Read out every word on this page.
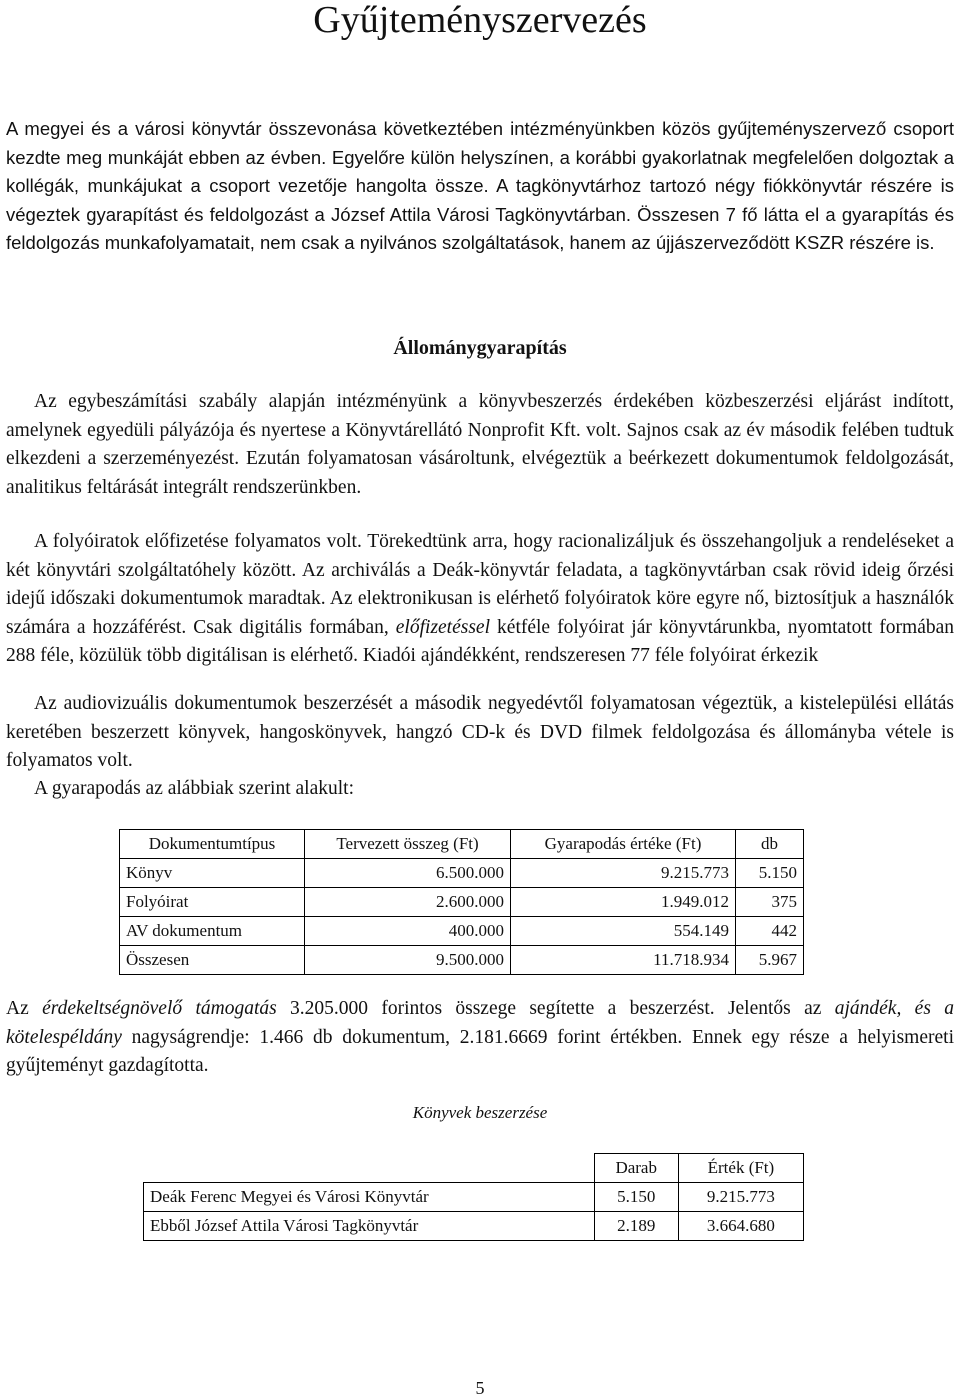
Gyűjteményszervezés

A megyei és a városi könyvtár összevonása következtében intézményünkben közös gyűjteményszervező csoport kezdte meg munkáját ebben az évben. Egyelőre külön helyszínen, a korábbi gyakorlatnak megfelelően dolgoztak a kollégák, munkájukat a csoport vezetője hangolta össze. A tagkönyvtárhoz tartozó négy fiókkönyvtár részére is végeztek gyarapítást és feldolgozást a József Attila Városi Tagkönyvtárban. Összesen 7 fő látta el a gyarapítás és feldolgozás munkafolyamatait, nem csak a nyilvános szolgáltatások, hanem az újjászerveződött KSZR részére is.

Állománygyarapítás

Az egybeszámítási szabály alapján intézményünk a könyvbeszerzés érdekében közbeszerzési eljárást indított, amelynek egyedüli pályázója és nyertese a Könyvtárellátó Nonprofit Kft. volt. Sajnos csak az év második felében tudtuk elkezdeni a szerzeményezést. Ezután folyamatosan vásároltunk, elvégeztük a beérkezett dokumentumok feldolgozását, analitikus feltárását integrált rendszerünkben.

A folyóiratok előfizetése folyamatos volt. Törekedtünk arra, hogy racionalizáljuk és összehangoljuk a rendeléseket a két könyvtári szolgáltatóhely között. Az archiválás a Deák-könyvtár feladata, a tagkönyvtárban csak rövid ideig őrzési idejű időszaki dokumentumok maradtak. Az elektronikusan is elérhető folyóiratok köre egyre nő, biztosítjuk a használók számára a hozzáférést. Csak digitális formában, előfizetéssel kétféle folyóirat jár könyvtárunkba, nyomtatott formában 288 féle, közülük több digitálisan is elérhető. Kiadói ajándékként, rendszeresen 77 féle folyóirat érkezik

Az audiovizuális dokumentumok beszerzését a második negyedévtől folyamatosan végeztük, a kistelepülési ellátás keretében beszerzett könyvek, hangoskönyvek, hangzó CD-k és DVD filmek feldolgozása és állományba vétele is folyamatos volt.

A gyarapodás az alábbiak szerint alakult:

Dokumentumtípus	Tervezett összeg (Ft)	Gyarapodás értéke (Ft)	db
Könyv	6.500.000	9.215.773	5.150
Folyóirat	2.600.000	1.949.012	375
AV dokumentum	400.000	554.149	442
Összesen	9.500.000	11.718.934	5.967

Az érdekeltségnövelő támogatás 3.205.000 forintos összege segítette a beszerzést. Jelentős az ajándék, és a kötelespéldány nagyságrendje: 1.466 db dokumentum, 2.181.6669 forint értékben. Ennek egy része a helyismereti gyűjteményt gazdagította.

Könyvek beszerzése

	Darab	Érték (Ft)
Deák Ferenc Megyei és Városi Könyvtár	5.150	9.215.773
Ebből József Attila Városi Tagkönyvtár	2.189	3.664.680

5
